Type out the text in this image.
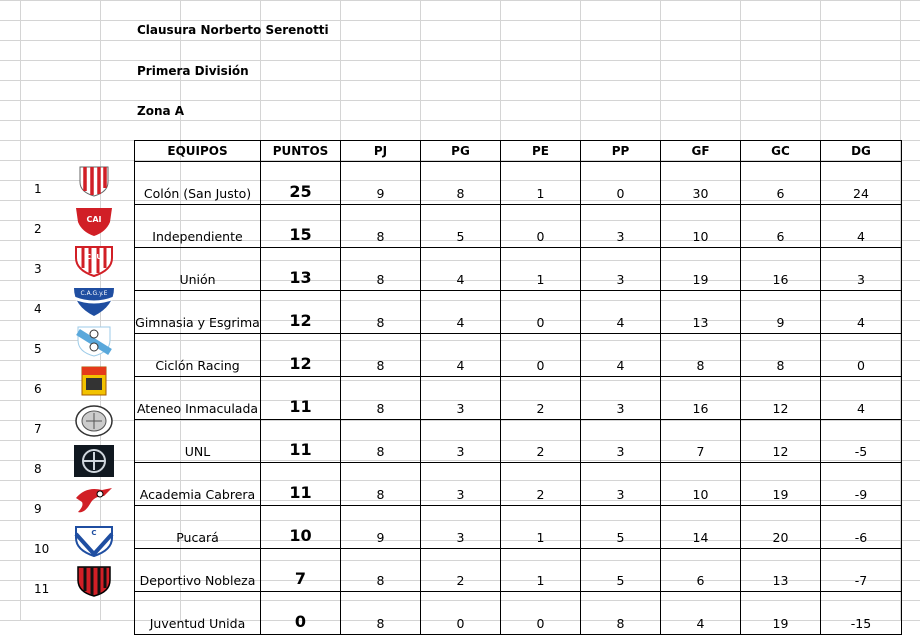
Clausura Norberto Serenotti
Primera División
Zona A
EQUIPOS	PUNTOS	PJ	PG	PE	PP	GF	GC	DG
Colón (San Justo)	25	9	8	1	0	30	6	24
Independiente	15	8	5	0	3	10	6	4
Unión	13	8	4	1	3	19	16	3
Gimnasia y Esgrima	12	8	4	0	4	13	9	4
Ciclón Racing	12	8	4	0	4	8	8	0
Ateneo Inmaculada	11	8	3	2	3	16	12	4
UNL	11	8	3	2	3	7	12	-5
Academia Cabrera	11	8	3	2	3	10	19	-9
Pucará	10	9	3	1	5	14	20	-6
Deportivo Nobleza	7	8	2	1	5	6	13	-7
Juventud Unida	0	8	0	0	8	4	19	-15
1
2
CAI
3
CAU
4
C.A.G.y.E
5
6
7
8
9
10
C
11
